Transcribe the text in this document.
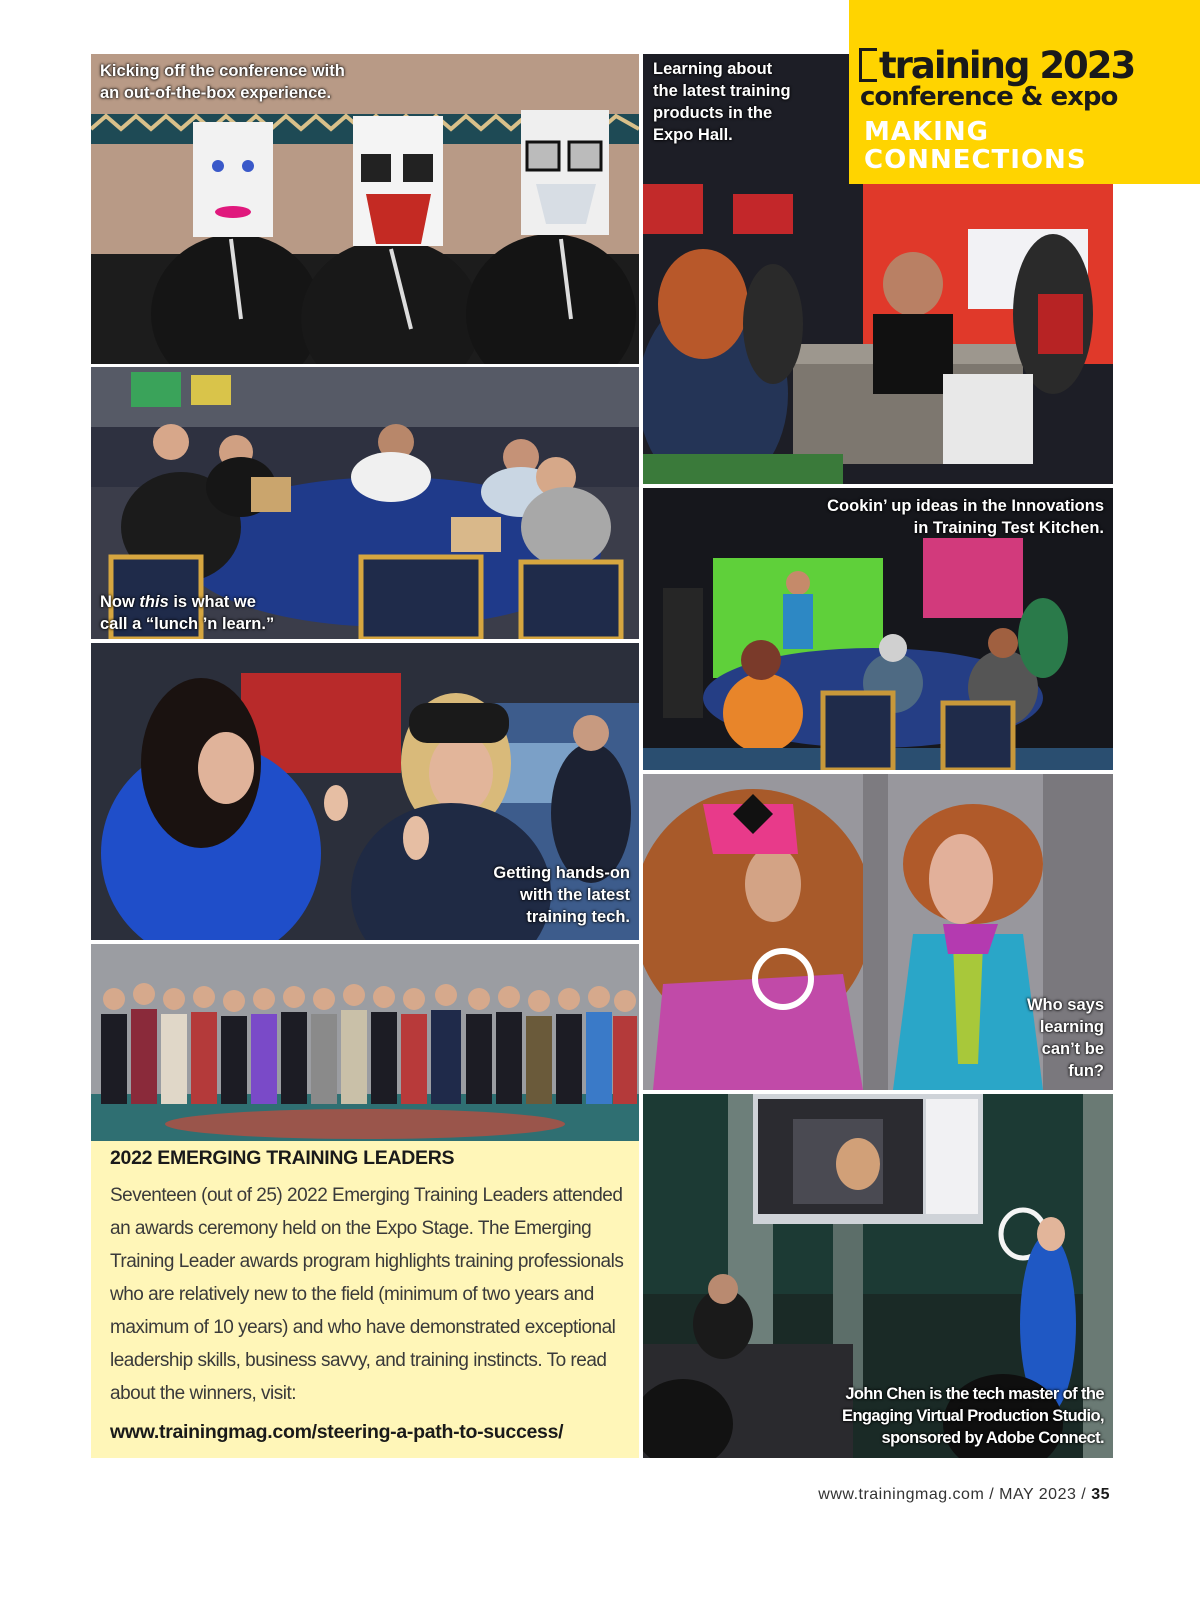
Kicking off the conference with
an out-of-the-box experience.
Learning about
the latest training
products in the
Expo Hall.
training 2023
conference & expo
MAKING
CONNECTIONS
Now this is what we
call a “lunch ’n learn.”
Cookin’ up ideas in the Innovations
in Training Test Kitchen.
Getting hands-on
with the latest
training tech.
Who says
learning
can’t be
fun?
2022 EMERGING TRAINING LEADERS
Seventeen (out of 25) 2022 Emerging Training Leaders attended an awards ceremony held on the Expo Stage. The Emerging Training Leader awards program highlights training professionals who are relatively new to the field (minimum of two years and maximum of 10 years) and who have demonstrated exceptional leadership skills, business savvy, and training instincts. To read about the winners, visit:
www.trainingmag.com/steering-a-path-to-success/
John Chen is the tech master of the
Engaging Virtual Production Studio,
sponsored by Adobe Connect.
www.trainingmag.com / MAY 2023 / 35
